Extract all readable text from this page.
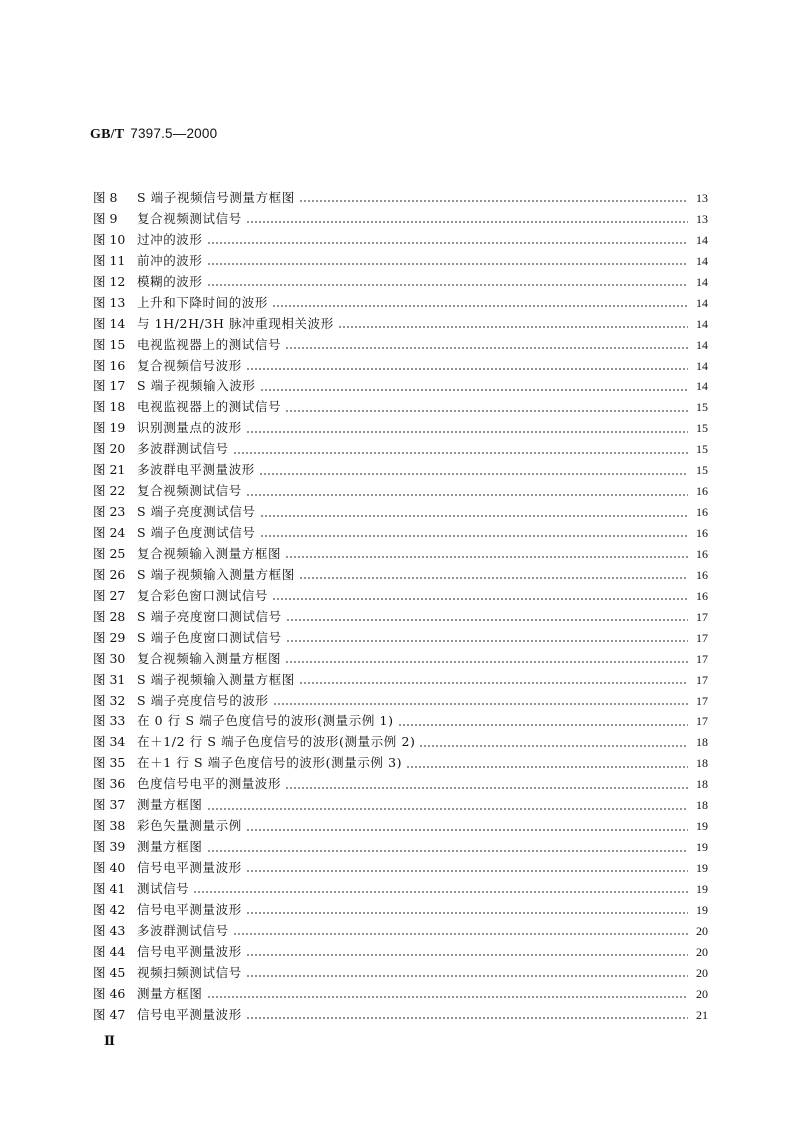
GB/T 7397.5—2000
图 8	S 端子视频信号测量方框图	13
图 9	复合视频测试信号	13
图 10 过冲的波形	14
图 11 前冲的波形	14
图 12 模糊的波形	14
图 13 上升和下降时间的波形	14
图 14 与 1H/2H/3H 脉冲重现相关波形	14
图 15 电视监视器上的测试信号	14
图 16 复合视频信号波形	14
图 17 S 端子视频输入波形	14
图 18 电视监视器上的测试信号	15
图 19 识别测量点的波形	15
图 20 多波群测试信号	15
图 21 多波群电平测量波形	15
图 22 复合视频测试信号	16
图 23 S 端子亮度测试信号	16
图 24 S 端子色度测试信号	16
图 25 复合视频输入测量方框图	16
图 26 S 端子视频输入测量方框图	16
图 27 复合彩色窗口测试信号	16
图 28 S 端子亮度窗口测试信号	17
图 29 S 端子色度窗口测试信号	17
图 30 复合视频输入测量方框图	17
图 31 S 端子视频输入测量方框图	17
图 32 S 端子亮度信号的波形	17
图 33 在 0 行 S 端子色度信号的波形(测量示例 1)	17
图 34 在＋1/2 行 S 端子色度信号的波形(测量示例 2)	18
图 35 在＋1 行 S 端子色度信号的波形(测量示例 3)	18
图 36 色度信号电平的测量波形	18
图 37 测量方框图	18
图 38 彩色矢量测量示例	19
图 39 测量方框图	19
图 40 信号电平测量波形	19
图 41 测试信号	19
图 42 信号电平测量波形	19
图 43 多波群测试信号	20
图 44 信号电平测量波形	20
图 45 视频扫频测试信号	20
图 46 测量方框图	20
图 47 信号电平测量波形	21
Ⅱ
